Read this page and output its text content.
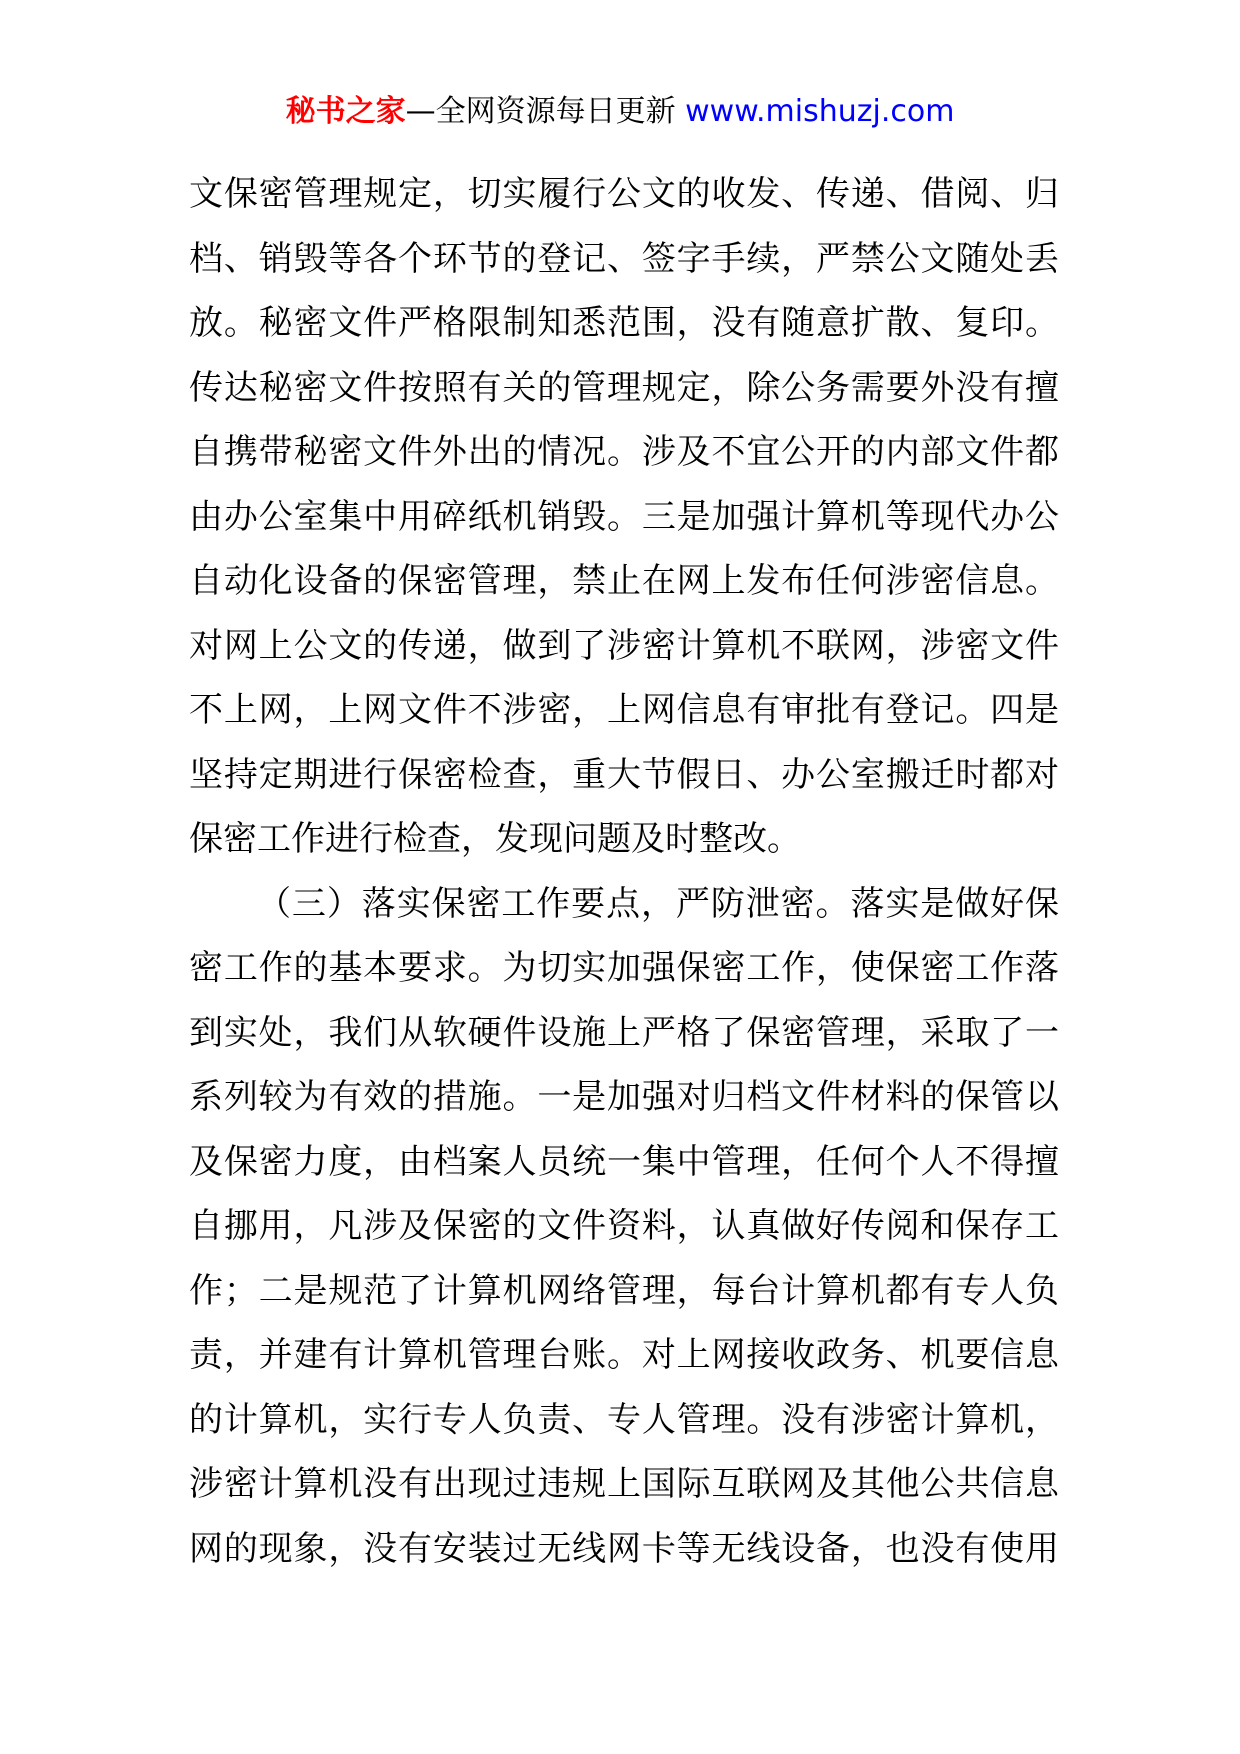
秘书之家—全网资源每日更新 www.mishuzj.com
文保密管理规定，切实履行公文的收发、传递、借阅、归
档、销毁等各个环节的登记、签字手续，严禁公文随处丢
放。秘密文件严格限制知悉范围，没有随意扩散、复印。
传达秘密文件按照有关的管理规定，除公务需要外没有擅
自携带秘密文件外出的情况。涉及不宜公开的内部文件都
由办公室集中用碎纸机销毁。三是加强计算机等现代办公
自动化设备的保密管理，禁止在网上发布任何涉密信息。
对网上公文的传递，做到了涉密计算机不联网，涉密文件
不上网，上网文件不涉密，上网信息有审批有登记。四是
坚持定期进行保密检查，重大节假日、办公室搬迁时都对
保密工作进行检查，发现问题及时整改。
（三）落实保密工作要点，严防泄密。落实是做好保
密工作的基本要求。为切实加强保密工作，使保密工作落
到实处，我们从软硬件设施上严格了保密管理，采取了一
系列较为有效的措施。一是加强对归档文件材料的保管以
及保密力度，由档案人员统一集中管理，任何个人不得擅
自挪用，凡涉及保密的文件资料，认真做好传阅和保存工
作；二是规范了计算机网络管理，每台计算机都有专人负
责，并建有计算机管理台账。对上网接收政务、机要信息
的计算机，实行专人负责、专人管理。没有涉密计算机，
涉密计算机没有出现过违规上国际互联网及其他公共信息
网的现象，没有安装过无线网卡等无线设备，也没有使用
